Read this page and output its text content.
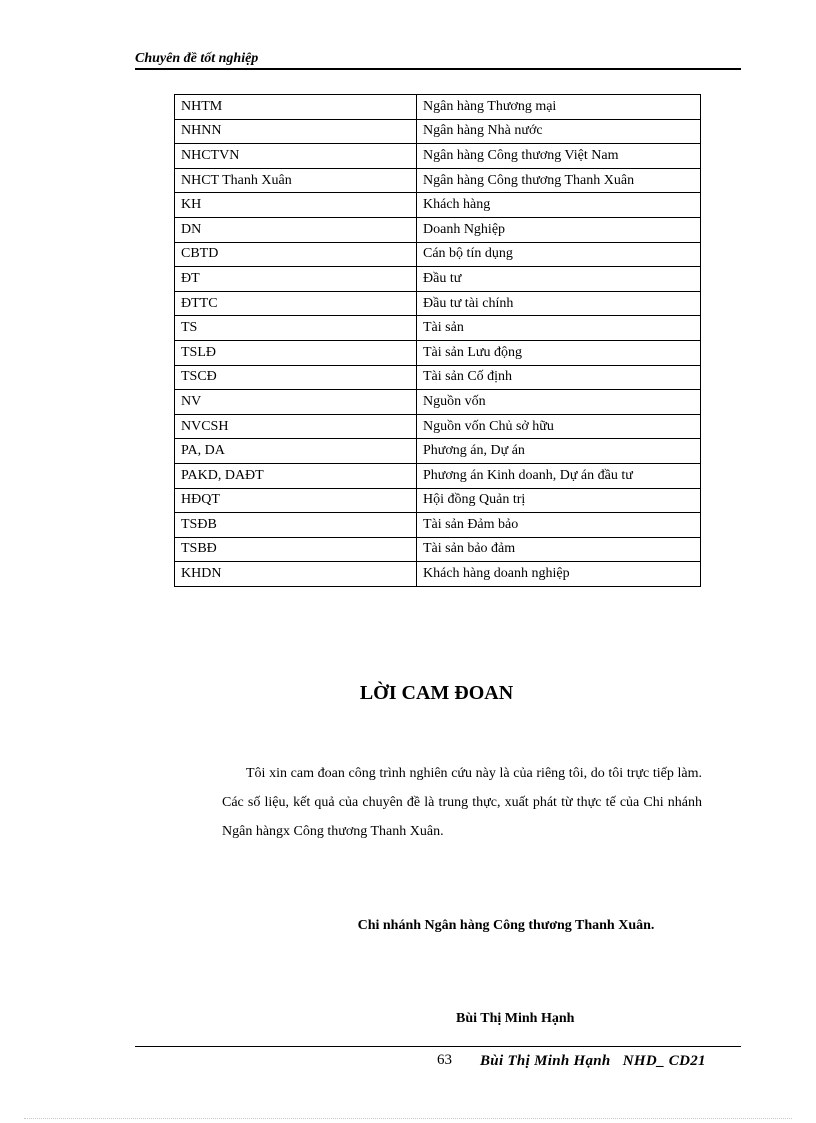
Chuyên đề tốt nghiệp
NHTM	Ngân hàng Thương mại
NHNN	Ngân hàng Nhà nước
NHCTVN	Ngân hàng Công thương Việt Nam
NHCT Thanh Xuân	Ngân hàng Công thương Thanh Xuân
KH	Khách hàng
DN	Doanh Nghiệp
CBTD	Cán bộ tín dụng
ĐT	Đầu tư
ĐTTC	Đầu tư tài chính
TS	Tài sản
TSLĐ	Tài sản Lưu động
TSCĐ	Tài sản Cố định
NV	Nguồn vốn
NVCSH	Nguồn vốn Chủ sở hữu
PA, DA	Phương án, Dự án
PAKD, DAĐT	Phương án Kinh doanh, Dự án đầu tư
HĐQT	Hội đồng Quản trị
TSĐB	Tài sản Đảm bảo
TSBĐ	Tài sản bảo đảm
KHDN	Khách hàng doanh nghiệp
LỜI CAM ĐOAN

Tôi xin cam đoan công trình nghiên cứu này là của riêng tôi, do tôi trực tiếp làm. Các số liệu, kết quả của chuyên đề là trung thực, xuất phát từ thực tế của Chi nhánh Ngân hàngx Công thương Thanh Xuân.

Chi nhánh Ngân hàng Công thương Thanh Xuân.
Bùi Thị Minh Hạnh
63 Bùi Thị Minh Hạnh   NHD_ CD21
